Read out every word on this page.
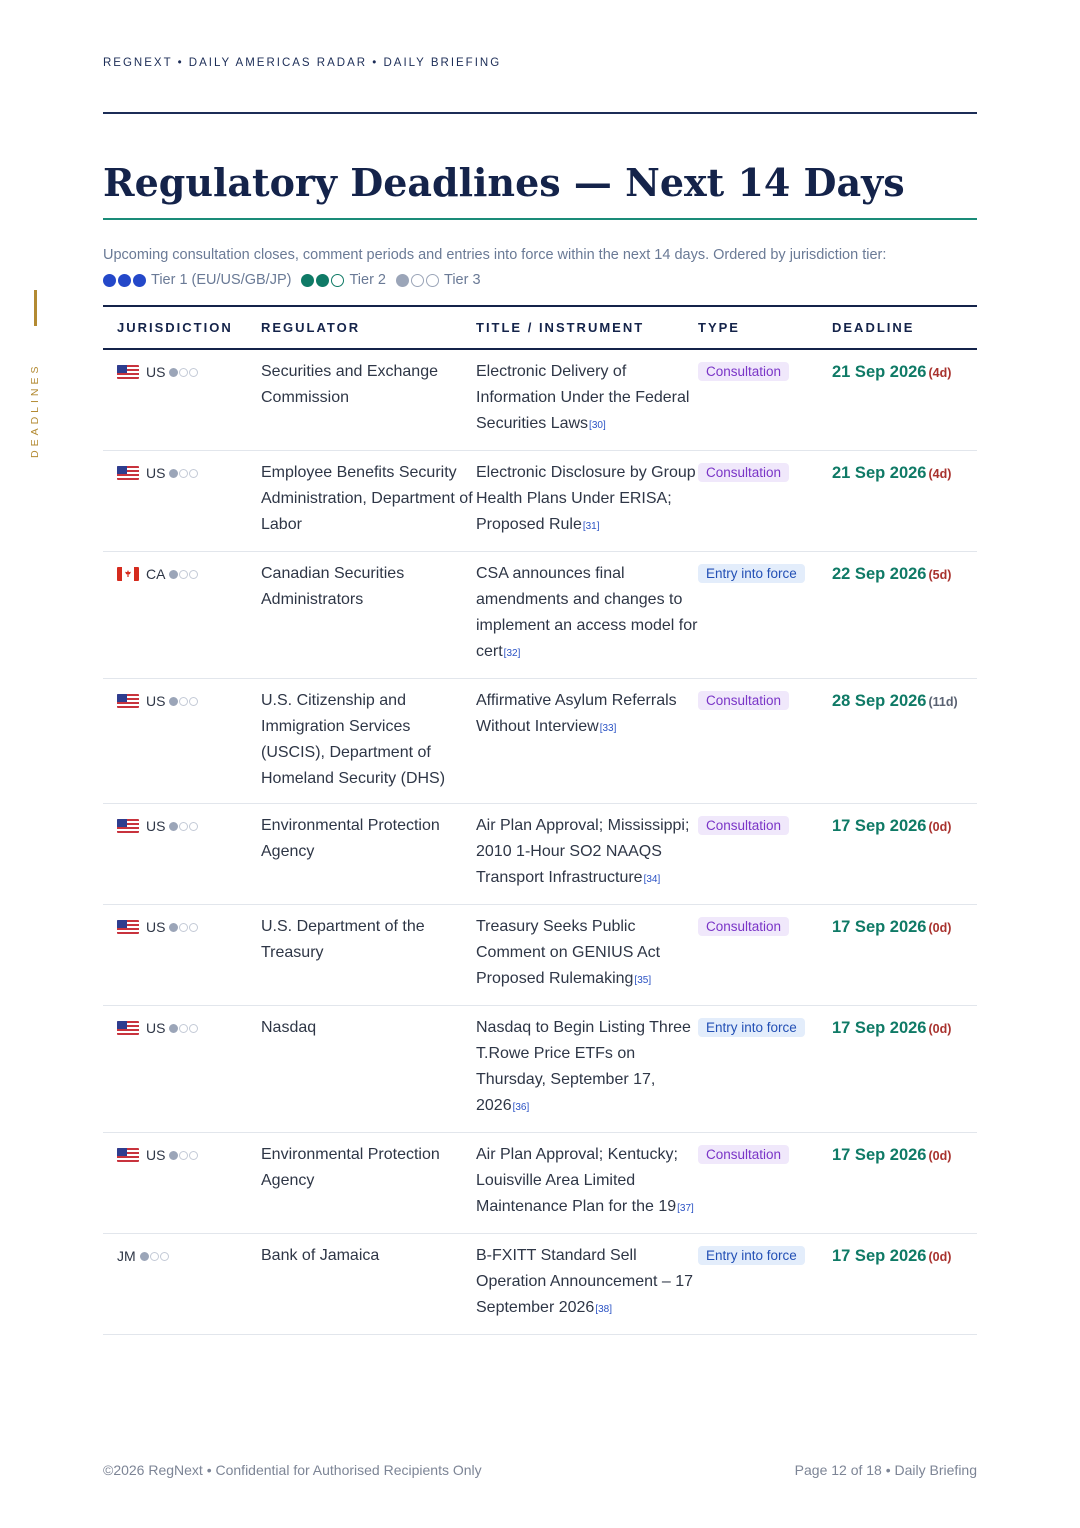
REGNEXT • DAILY AMERICAS RADAR • DAILY BRIEFING
DEADLINES
Regulatory Deadlines — Next 14 Days
Upcoming consultation closes, comment periods and entries into force within the next 14 days. Ordered by jurisdiction tier:
Tier 1 (EU/US/GB/JP)	Tier 2	Tier 3
JURISDICTION	REGULATOR	TITLE / INSTRUMENT	TYPE	DEADLINE

US	Securities and Exchange Commission	Electronic Delivery of Information Under the Federal Securities Laws[30]	Consultation	21 Sep 2026 (4d)

US	Employee Benefits Security Administration, Department of Labor	Electronic Disclosure by Group Health Plans Under ERISA; Proposed Rule[31]	Consultation	21 Sep 2026 (4d)

CA	Canadian Securities Administrators	CSA announces final amendments and changes to implement an access model for cert[32]	Entry into force	22 Sep 2026 (5d)

US	U.S. Citizenship and Immigration Services (USCIS), Department of Homeland Security (DHS)	Affirmative Asylum Referrals Without Interview[33]	Consultation	28 Sep 2026 (11d)

US	Environmental Protection Agency	Air Plan Approval; Mississippi; 2010 1-Hour SO2 NAAQS Transport Infrastructure[34]	Consultation	17 Sep 2026 (0d)

US	U.S. Department of the Treasury	Treasury Seeks Public Comment on GENIUS Act Proposed Rulemaking[35]	Consultation	17 Sep 2026 (0d)

US	Nasdaq	Nasdaq to Begin Listing Three T.Rowe Price ETFs on Thursday, September 17, 2026[36]	Entry into force	17 Sep 2026 (0d)

US	Environmental Protection Agency	Air Plan Approval; Kentucky; Louisville Area Limited Maintenance Plan for the 19[37]	Consultation	17 Sep 2026 (0d)

JM	Bank of Jamaica	B-FXITT Standard Sell Operation Announcement – 17 September 2026[38]	Entry into force	17 Sep 2026 (0d)
©2026 RegNext • Confidential for Authorised Recipients Only	Page 12 of 18 • Daily Briefing
